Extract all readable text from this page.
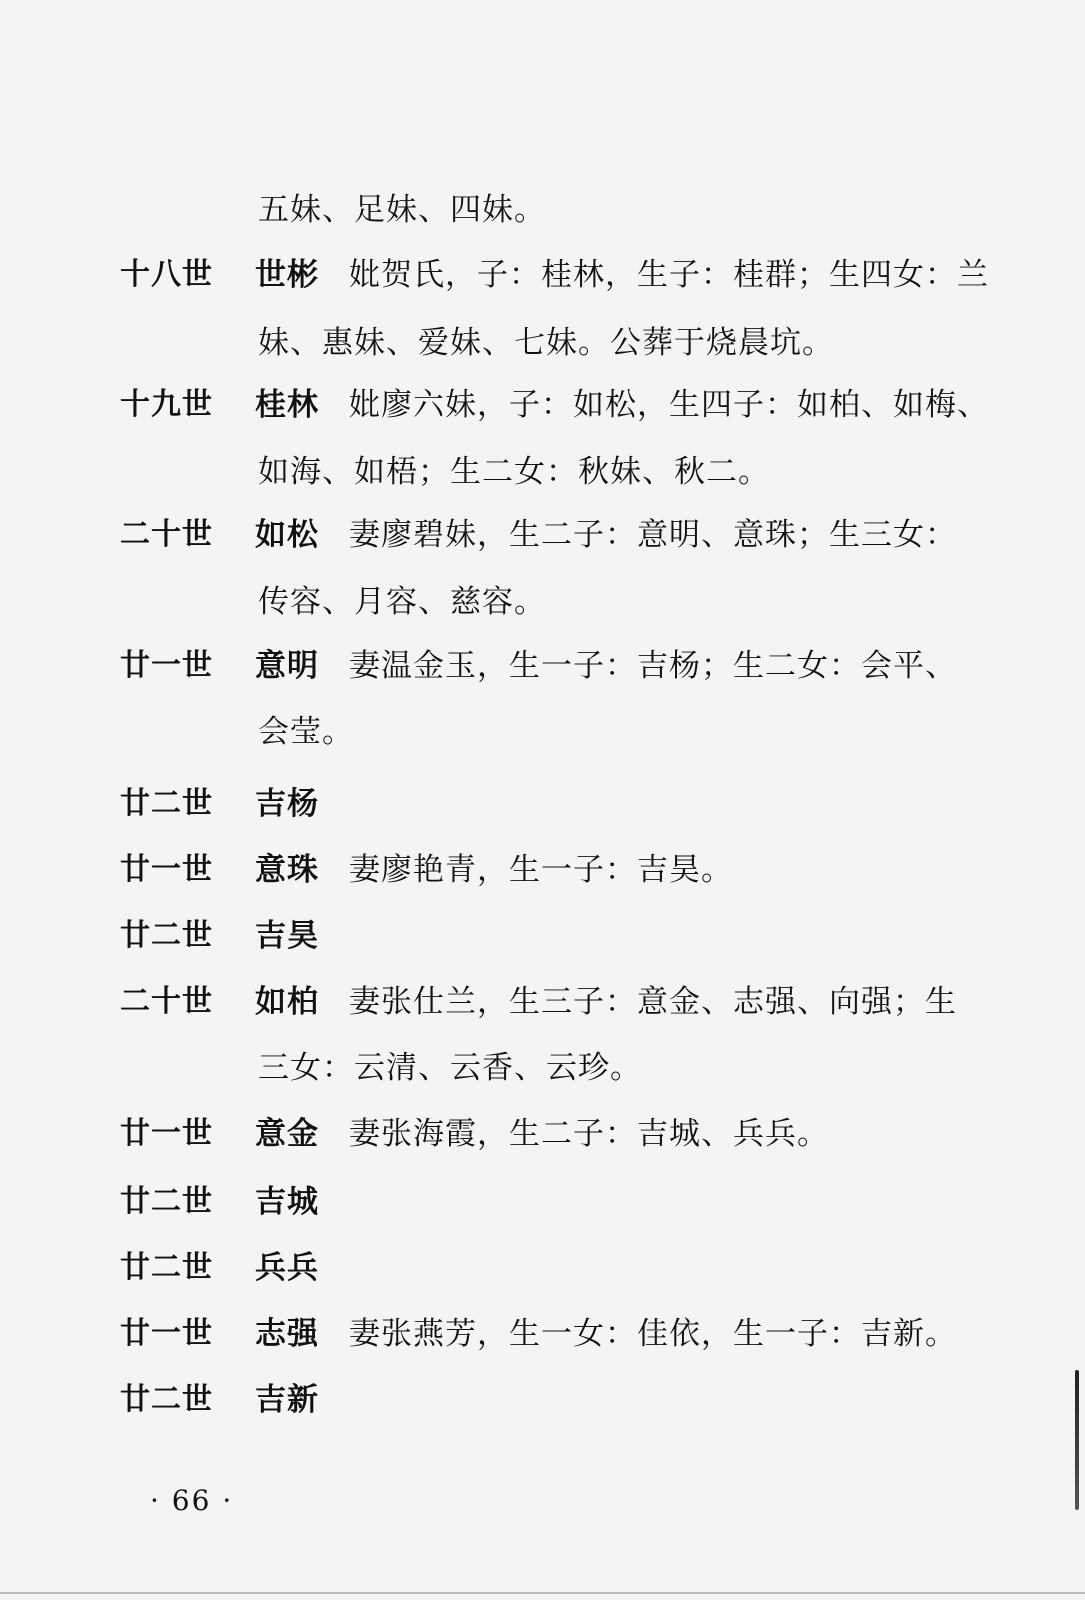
五妹、足妹、四妹。
十八世 世彬 妣贺氏，子：桂林，生子：桂群；生四女：兰
妹、惠妹、爱妹、七妹。公葬于烧晨坑。
十九世 桂林 妣廖六妹，子：如松，生四子：如柏、如梅、
如海、如梧；生二女：秋妹、秋二。
二十世 如松 妻廖碧妹，生二子：意明、意珠；生三女：
传容、月容、慈容。
廿一世 意明 妻温金玉，生一子：吉杨；生二女：会平、
会莹。
廿二世 吉杨
廿一世 意珠 妻廖艳青，生一子：吉昊。
廿二世 吉昊
二十世 如柏 妻张仕兰，生三子：意金、志强、向强；生
三女：云清、云香、云珍。
廿一世 意金 妻张海霞，生二子：吉城、兵兵。
廿二世 吉城
廿二世 兵兵
廿一世 志强 妻张燕芳，生一女：佳依，生一子：吉新。
廿二世 吉新
· 66 ·
